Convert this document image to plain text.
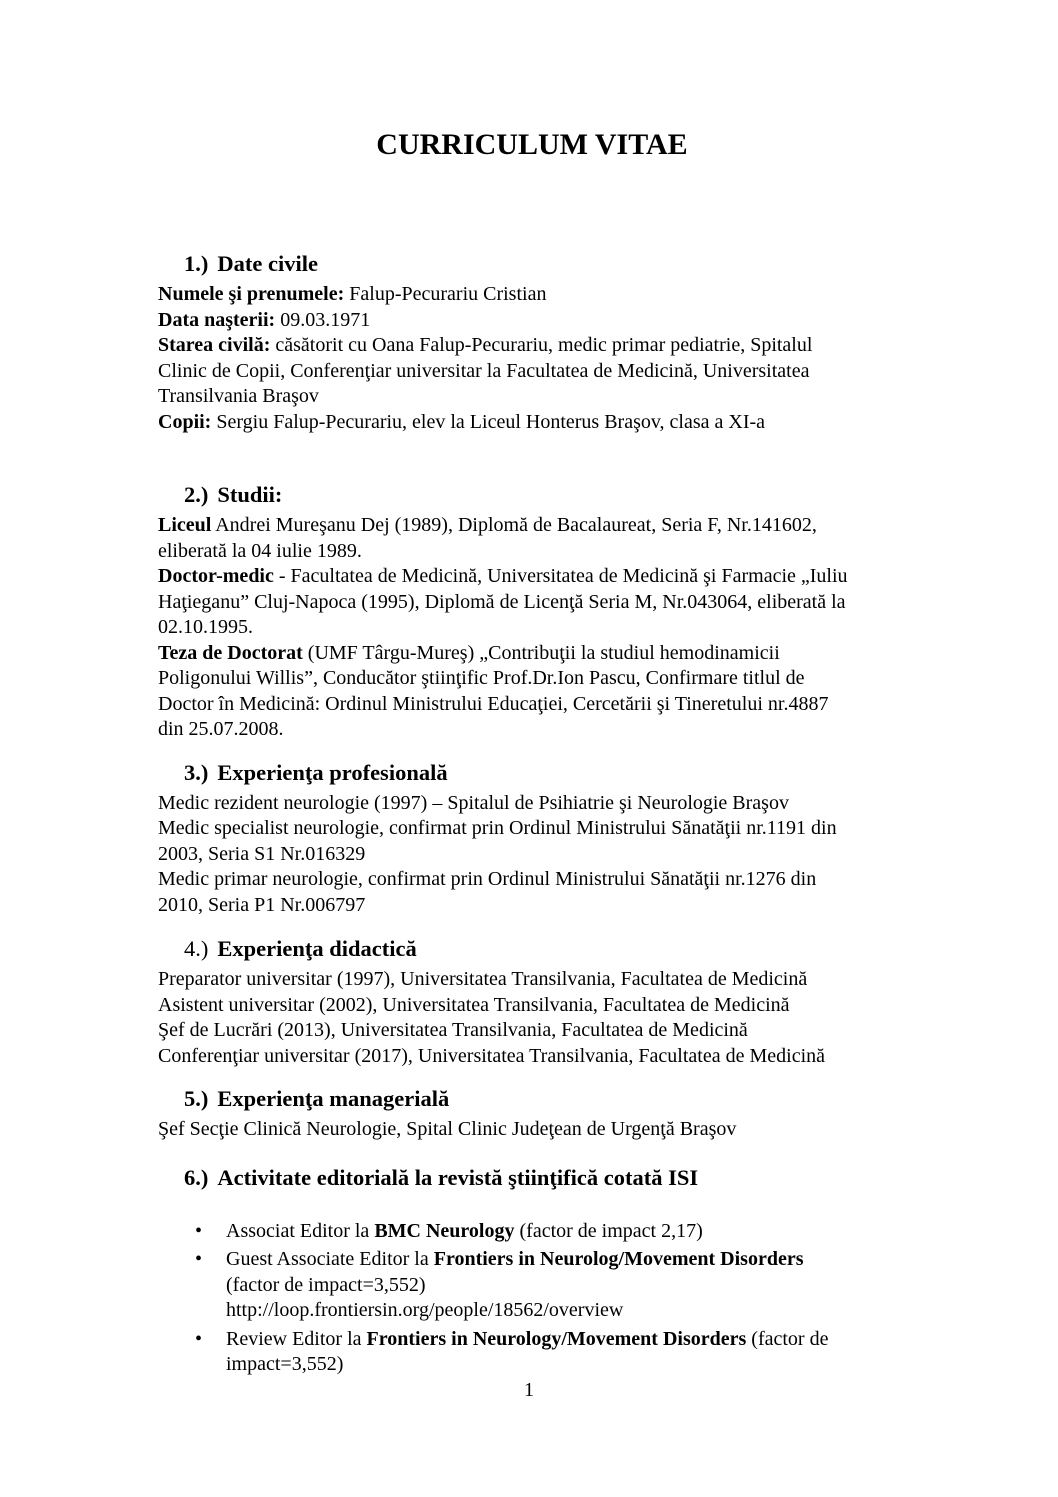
CURRICULUM VITAE
1.) Date civile
Numele şi prenumele: Falup-Pecurariu Cristian
Data naşterii: 09.03.1971
Starea civilă: căsătorit cu Oana Falup-Pecurariu, medic primar pediatrie, Spitalul
Clinic de Copii, Conferenţiar universitar la Facultatea de Medicină, Universitatea
Transilvania Braşov
Copii: Sergiu Falup-Pecurariu, elev la Liceul Honterus Braşov, clasa a XI-a
2.) Studii:
Liceul Andrei Mureşanu Dej (1989), Diplomă de Bacalaureat, Seria F, Nr.141602,
eliberată la 04 iulie 1989.
Doctor-medic - Facultatea de Medicină, Universitatea de Medicină şi Farmacie „Iuliu
Haţieganu” Cluj-Napoca (1995), Diplomă de Licenţă Seria M, Nr.043064, eliberată la
02.10.1995.
Teza de Doctorat (UMF Târgu-Mureş) „Contribuţii la studiul hemodinamicii
Poligonului Willis”, Conducător ştiinţific Prof.Dr.Ion Pascu, Confirmare titlul de
Doctor în Medicină: Ordinul Ministrului Educaţiei, Cercetării şi Tineretului nr.4887
din 25.07.2008.
3.) Experienţa profesională
Medic rezident neurologie (1997) – Spitalul de Psihiatrie şi Neurologie Braşov
Medic specialist neurologie, confirmat prin Ordinul Ministrului Sănatăţii nr.1191 din
2003, Seria S1 Nr.016329
Medic primar neurologie, confirmat prin Ordinul Ministrului Sănatăţii nr.1276 din
2010, Seria P1 Nr.006797
4.) Experienţa didactică
Preparator universitar (1997), Universitatea Transilvania, Facultatea de Medicină
Asistent universitar (2002), Universitatea Transilvania, Facultatea de Medicină
Şef de Lucrări (2013), Universitatea Transilvania, Facultatea de Medicină
Conferenţiar universitar (2017), Universitatea Transilvania, Facultatea de Medicină
5.) Experienţa managerială
Şef Secţie Clinică Neurologie, Spital Clinic Judeţean de Urgenţă Braşov
6.) Activitate editorială la revistă ştiinţifică cotată ISI
•	Associat Editor la BMC Neurology (factor de impact 2,17)
•	Guest Associate Editor la Frontiers in Neurolog/Movement Disorders
(factor de impact=3,552)
http://loop.frontiersin.org/people/18562/overview
•	Review Editor la Frontiers in Neurology/Movement Disorders (factor de
impact=3,552)
1
